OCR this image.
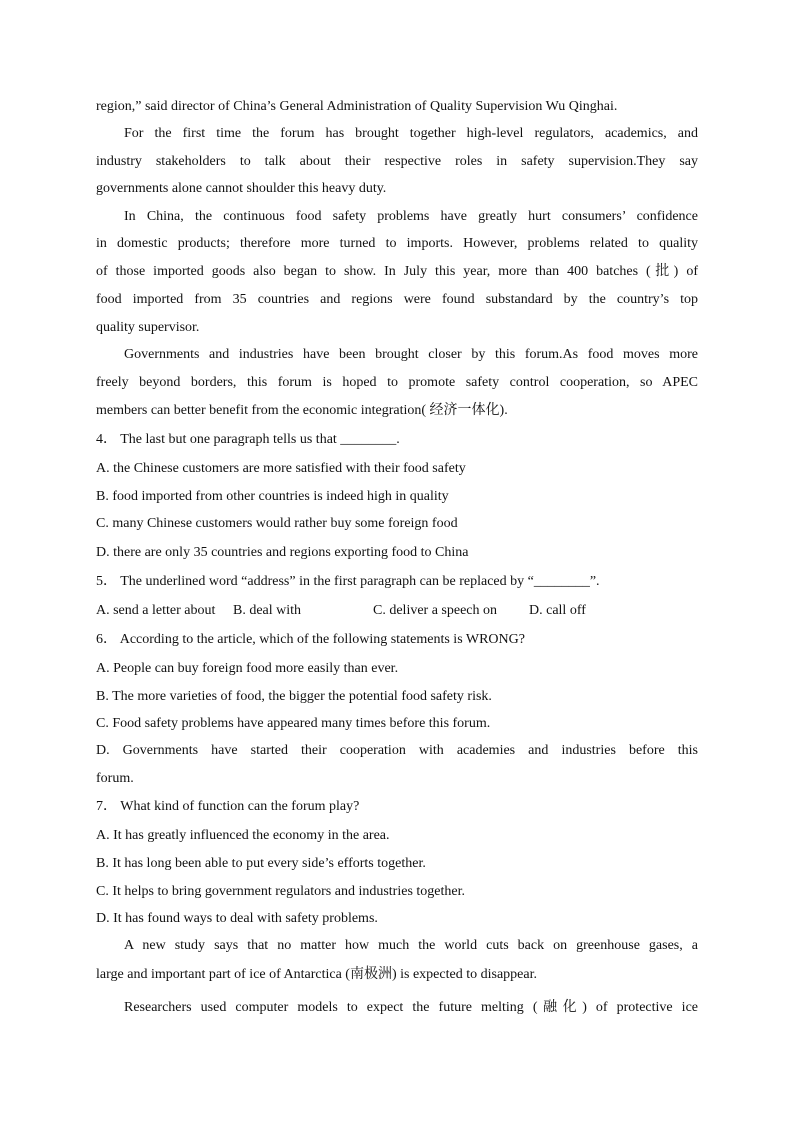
region,” said director of China’s General Administration of Quality Supervision Wu Qinghai.
For the first time the forum has brought together high-level regulators, academics, and
industry stakeholders to talk about their respective roles in safety supervision.They say
governments alone cannot shoulder this heavy duty.
In China, the continuous food safety problems have greatly hurt consumers’ confidence
in domestic products; therefore more turned to imports. However, problems related to quality
of those imported goods also began to show. In July this year, more than 400 batches (批) of
food imported from 35 countries and regions were found substandard by the country’s top
quality supervisor.
Governments and industries have been brought closer by this forum.As food moves more
freely beyond borders, this forum is hoped to promote safety control cooperation, so APEC
members can better benefit from the economic integration( 经济一体化).
4． The last but one paragraph tells us that ________.
A. the Chinese customers are more satisfied with their food safety
B. food imported from other countries is indeed high in quality
C. many Chinese customers would rather buy some foreign food
D. there are only 35 countries and regions exporting food to China
5． The underlined word “address” in the first paragraph can be replaced by “________”.
A. send a letter about	B. deal with	C. deliver a speech on	D. call off
6． According to the article, which of the following statements is WRONG?
A. People can buy foreign food more easily than ever.
B. The more varieties of food, the bigger the potential food safety risk.
C. Food safety problems have appeared many times before this forum.
D. Governments have started their cooperation with academies and industries before this
forum.
7． What kind of function can the forum play?
A. It has greatly influenced the economy in the area.
B. It has long been able to put every side’s efforts together.
C. It helps to bring government regulators and industries together.
D. It has found ways to deal with safety problems.
A new study says that no matter how much the world cuts back on greenhouse gases, a
large and important part of ice of Antarctica (南极洲) is expected to disappear.
Researchers used computer models to expect the future melting (融化) of protective ice
